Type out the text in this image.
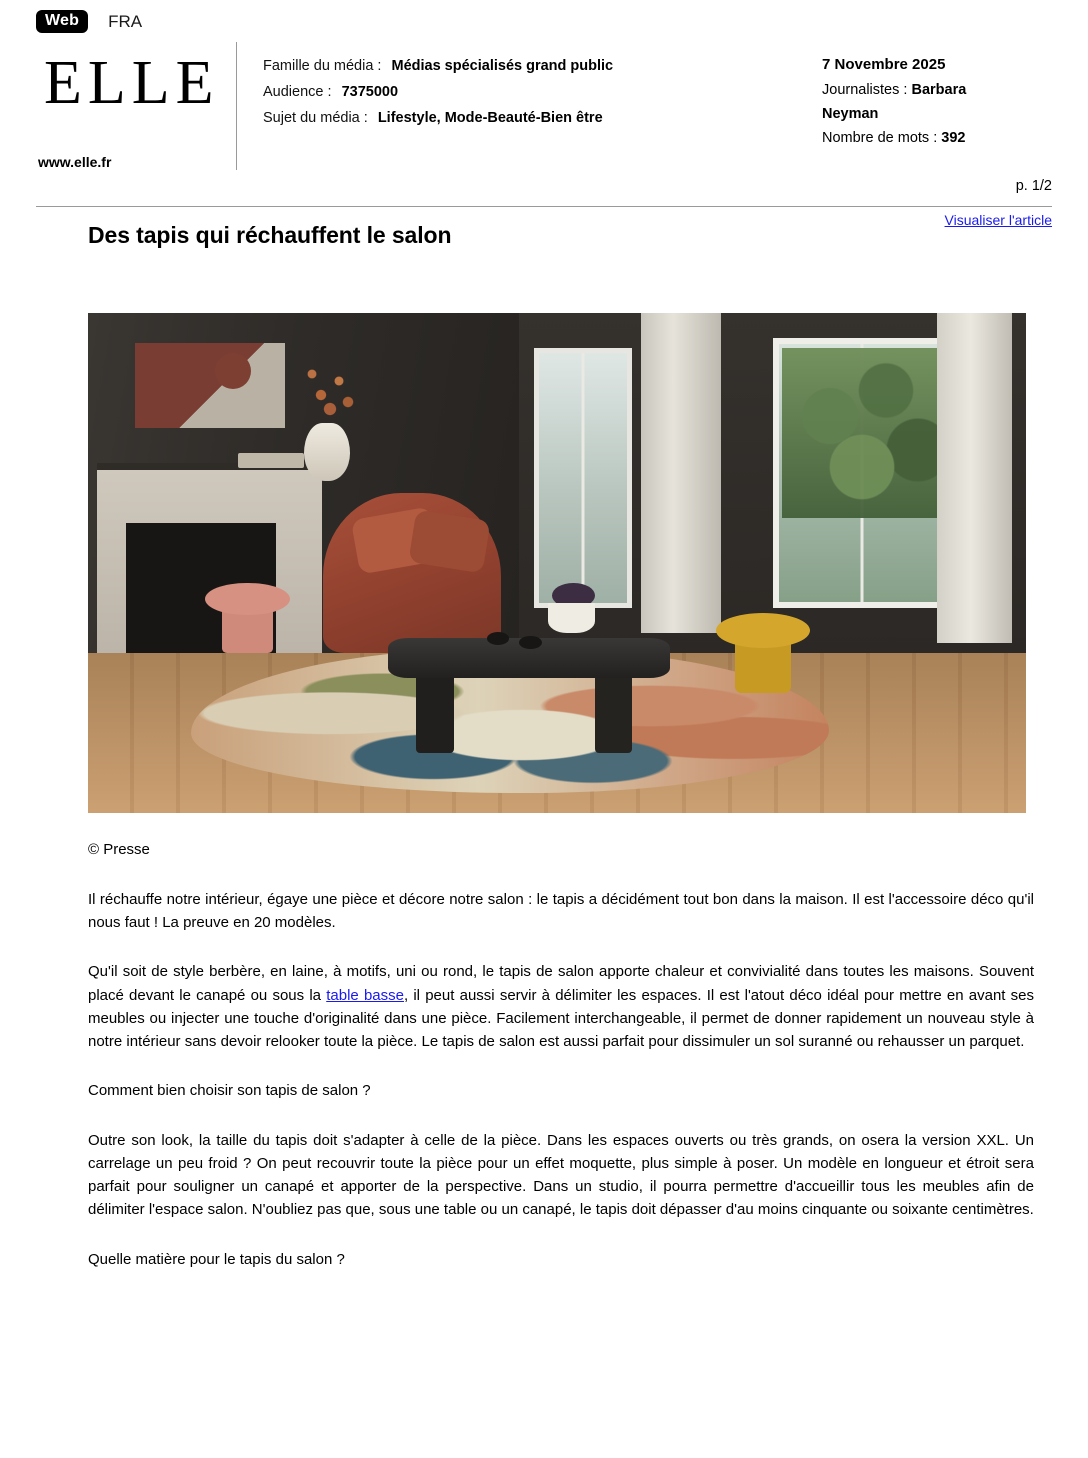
Web	FRA
ELLE
www.elle.fr
Famille du média : Médias spécialisés grand public
Audience : 7375000
Sujet du média : Lifestyle, Mode-Beauté-Bien être
7 Novembre 2025
Journalistes : Barbara
Neyman
Nombre de mots : 392
p. 1/2
Visualiser l'article
Des tapis qui réchauffent le salon
© Presse

Il réchauffe notre intérieur, égaye une pièce et décore notre salon : le tapis a décidément tout bon dans la maison. Il est l'accessoire déco qu'il nous faut ! La preuve en 20 modèles.

Qu'il soit de style berbère, en laine, à motifs, uni ou rond, le tapis de salon apporte chaleur et convivialité dans toutes les maisons. Souvent placé devant le canapé ou sous la table basse, il peut aussi servir à délimiter les espaces. Il est l'atout déco idéal pour mettre en avant ses meubles ou injecter une touche d'originalité dans une pièce. Facilement interchangeable, il permet de donner rapidement un nouveau style à notre intérieur sans devoir relooker toute la pièce. Le tapis de salon est aussi parfait pour dissimuler un sol suranné ou rehausser un parquet.

Comment bien choisir son tapis de salon ?

Outre son look, la taille du tapis doit s'adapter à celle de la pièce. Dans les espaces ouverts ou très grands, on osera la version XXL. Un carrelage un peu froid ? On peut recouvrir toute la pièce pour un effet moquette, plus simple à poser. Un modèle en longueur et étroit sera parfait pour souligner un canapé et apporter de la perspective. Dans un studio, il pourra permettre d'accueillir tous les meubles afin de délimiter l'espace salon. N'oubliez pas que, sous une table ou un canapé, le tapis doit dépasser d'au moins cinquante ou soixante centimètres.

Quelle matière pour le tapis du salon ?
